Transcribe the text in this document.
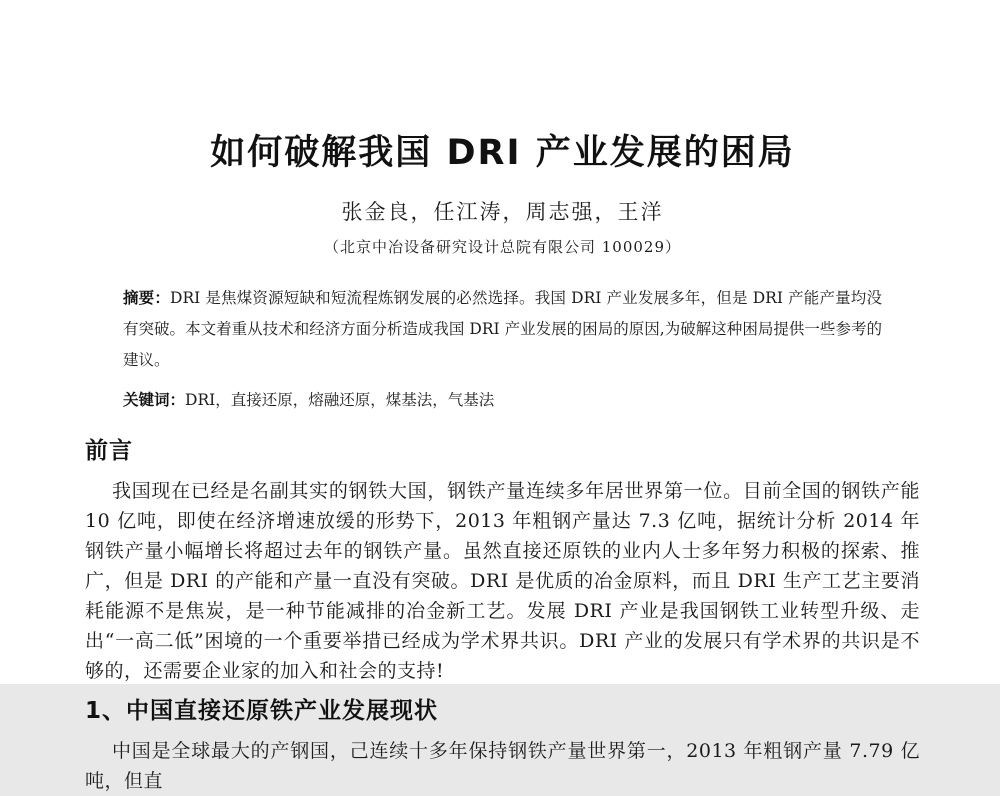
如何破解我国 DRI 产业发展的困局
张金良，任江涛，周志强，王洋
（北京中冶设备研究设计总院有限公司 100029）

摘要：DRI 是焦煤资源短缺和短流程炼钢发展的必然选择。我国 DRI 产业发展多年，但是 DRI 产能产量均没有突破。本文着重从技术和经济方面分析造成我国 DRI 产业发展的困局的原因,为破解这种困局提供一些参考的建议。

关键词：DRI，直接还原，熔融还原，煤基法，气基法

前言

我国现在已经是名副其实的钢铁大国，钢铁产量连续多年居世界第一位。目前全国的钢铁产能 10 亿吨，即使在经济增速放缓的形势下，2013 年粗钢产量达 7.3 亿吨，据统计分析 2014 年钢铁产量小幅增长将超过去年的钢铁产量。虽然直接还原铁的业内人士多年努力积极的探索、推广，但是 DRI 的产能和产量一直没有突破。DRI 是优质的冶金原料，而且 DRI 生产工艺主要消耗能源不是焦炭，是一种节能减排的冶金新工艺。发展 DRI 产业是我国钢铁工业转型升级、走出“一高二低”困境的一个重要举措已经成为学术界共识。DRI 产业的发展只有学术界的共识是不够的，还需要企业家的加入和社会的支持!

1、中国直接还原铁产业发展现状

中国是全球最大的产钢国，己连续十多年保持钢铁产量世界第一，2013 年粗钢产量 7.79 亿吨，但直
